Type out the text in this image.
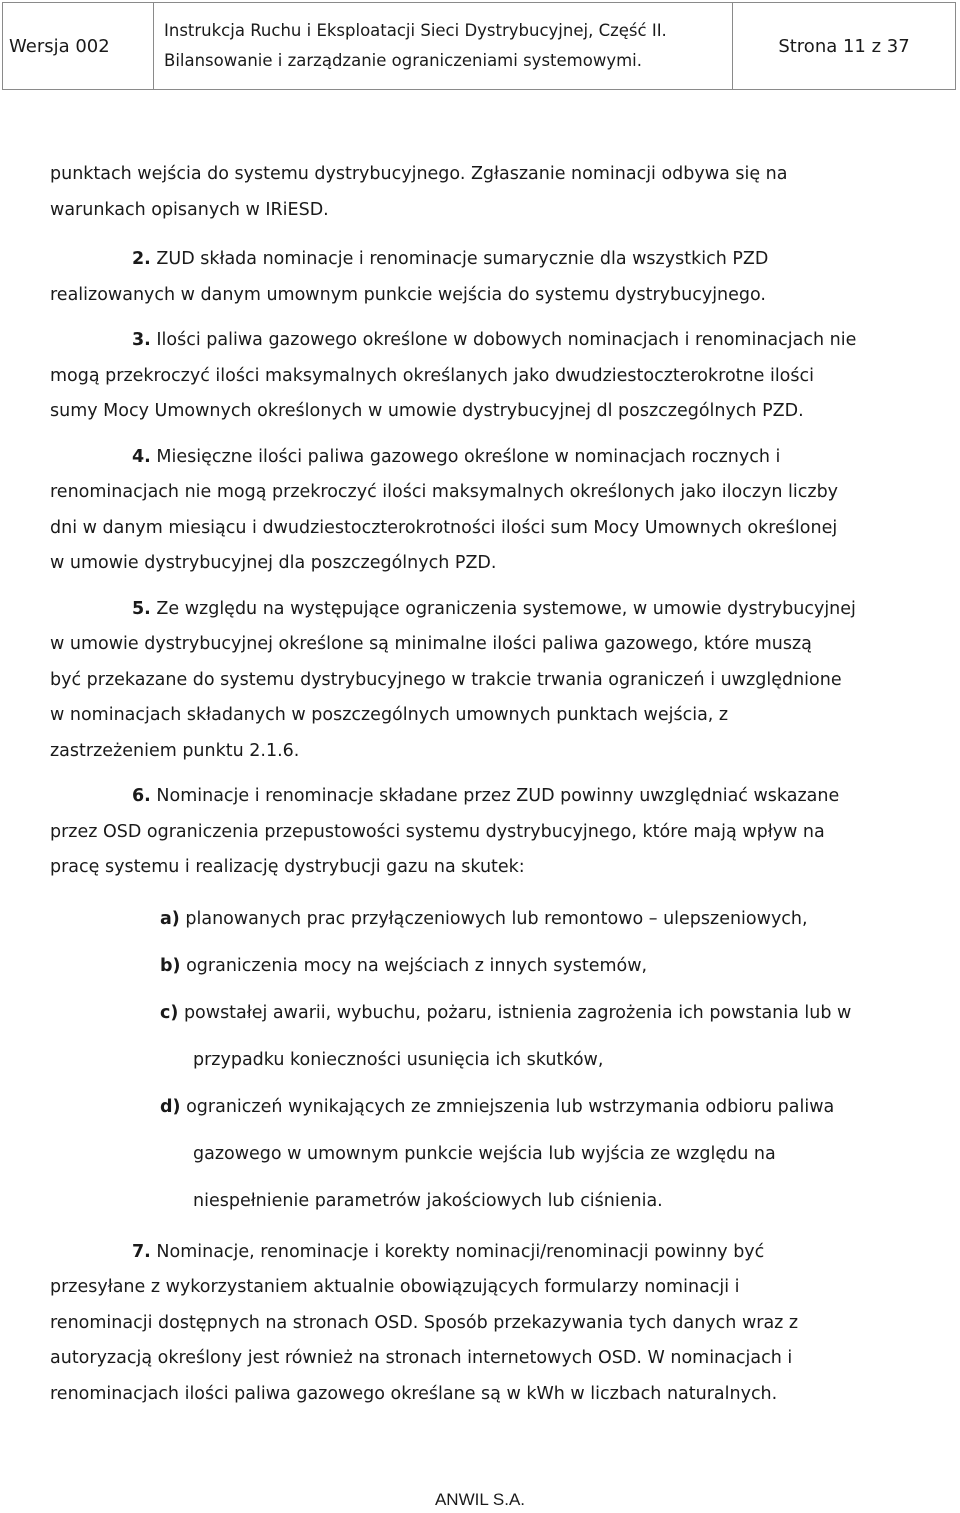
Wersja 002
Instrukcja Ruchu i Eksploatacji Sieci Dystrybucyjnej, Część II.
Bilansowanie i zarządzanie ograniczeniami systemowymi.
Strona 11 z 37

punktach wejścia do systemu dystrybucyjnego. Zgłaszanie nominacji odbywa się na

warunkach opisanych w IRiESD.

2. ZUD składa nominacje i renominacje sumarycznie dla wszystkich PZD

realizowanych w danym umownym punkcie wejścia do systemu dystrybucyjnego.

3. Ilości paliwa gazowego określone w dobowych nominacjach i renominacjach nie

mogą przekroczyć ilości maksymalnych określanych jako dwudziestoczterokrotne ilości

sumy Mocy Umownych określonych w umowie dystrybucyjnej dl poszczególnych PZD.

4. Miesięczne ilości paliwa gazowego określone w nominacjach rocznych i

renominacjach nie mogą przekroczyć ilości maksymalnych określonych jako iloczyn liczby

dni w danym miesiącu i dwudziestoczterokrotności ilości sum Mocy Umownych określonej

w umowie dystrybucyjnej dla poszczególnych PZD.

5. Ze względu na występujące ograniczenia systemowe, w umowie dystrybucyjnej

w umowie dystrybucyjnej określone są minimalne ilości paliwa gazowego, które muszą

być przekazane do systemu dystrybucyjnego w trakcie trwania ograniczeń i uwzględnione

w nominacjach składanych w poszczególnych umownych punktach wejścia, z

zastrzeżeniem punktu 2.1.6.

6. Nominacje i renominacje składane przez ZUD powinny uwzględniać wskazane

przez OSD ograniczenia przepustowości systemu dystrybucyjnego, które mają wpływ na

pracę systemu i realizację dystrybucji gazu na skutek:

a) planowanych prac przyłączeniowych lub remontowo – ulepszeniowych,

b) ograniczenia mocy na wejściach z innych systemów,

c) powstałej awarii, wybuchu, pożaru, istnienia zagrożenia ich powstania lub w

przypadku konieczności usunięcia ich skutków,

d) ograniczeń wynikających ze zmniejszenia lub wstrzymania odbioru paliwa

gazowego w umownym punkcie wejścia lub wyjścia ze względu na

niespełnienie parametrów jakościowych lub ciśnienia.

7. Nominacje, renominacje i korekty nominacji/renominacji powinny być

przesyłane z wykorzystaniem aktualnie obowiązujących formularzy nominacji i

renominacji dostępnych na stronach OSD. Sposób przekazywania tych danych wraz z

autoryzacją określony jest również na stronach internetowych OSD. W nominacjach i

renominacjach ilości paliwa gazowego określane są w kWh w liczbach naturalnych.

ANWIL S.A.
